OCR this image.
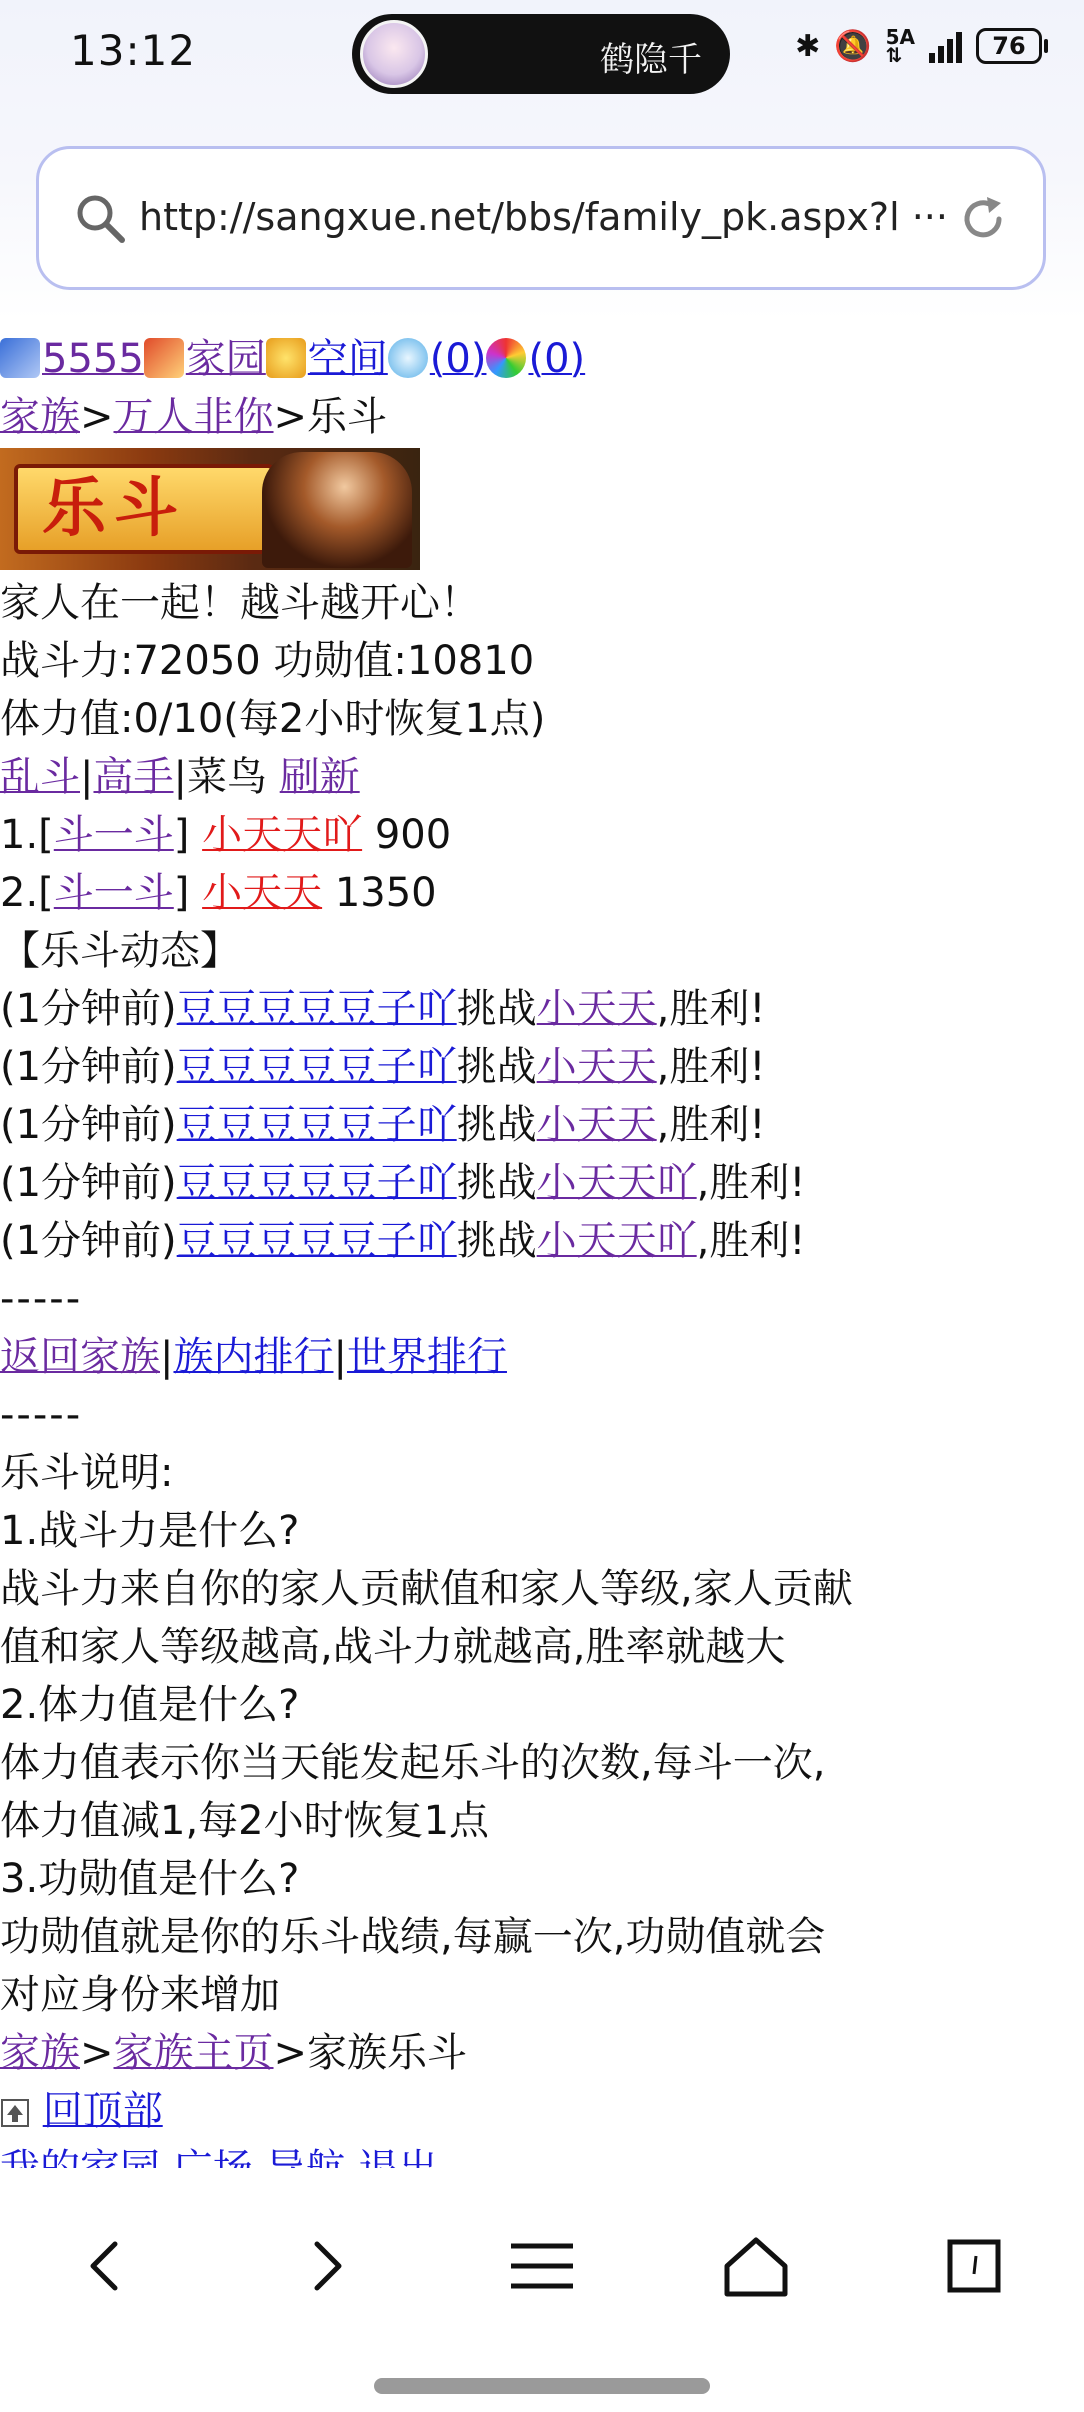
13:12	鹤隐千	✱ 🔕 5A
⇅	76
http://sangxue.net/bbs/family_pk.aspx?l ···
5555 家园 空间 (0) (0)
家族>万人非你>乐斗
乐斗
家人在一起！越斗越开心！
战斗力:72050 功勋值:10810
体力值:0/10(每2小时恢复1点)
乱斗|高手|菜鸟 刷新
1.[斗一斗] 小天天吖 900
2.[斗一斗] 小天天 1350
【乐斗动态】
(1分钟前)豆豆豆豆豆子吖挑战小天天,胜利!
(1分钟前)豆豆豆豆豆子吖挑战小天天,胜利!
(1分钟前)豆豆豆豆豆子吖挑战小天天,胜利!
(1分钟前)豆豆豆豆豆子吖挑战小天天吖,胜利!
(1分钟前)豆豆豆豆豆子吖挑战小天天吖,胜利!
-----
返回家族|族内排行|世界排行
-----
乐斗说明:
1.战斗力是什么?
战斗力来自你的家人贡献值和家人等级,家人贡献
值和家人等级越高,战斗力就越高,胜率就越大
2.体力值是什么?
体力值表示你当天能发起乐斗的次数,每斗一次,
体力值减1,每2小时恢复1点
3.功勋值是什么?
功勋值就是你的乐斗战绩,每赢一次,功勋值就会
对应身份来增加
家族>家族主页>家族乐斗
回顶部
